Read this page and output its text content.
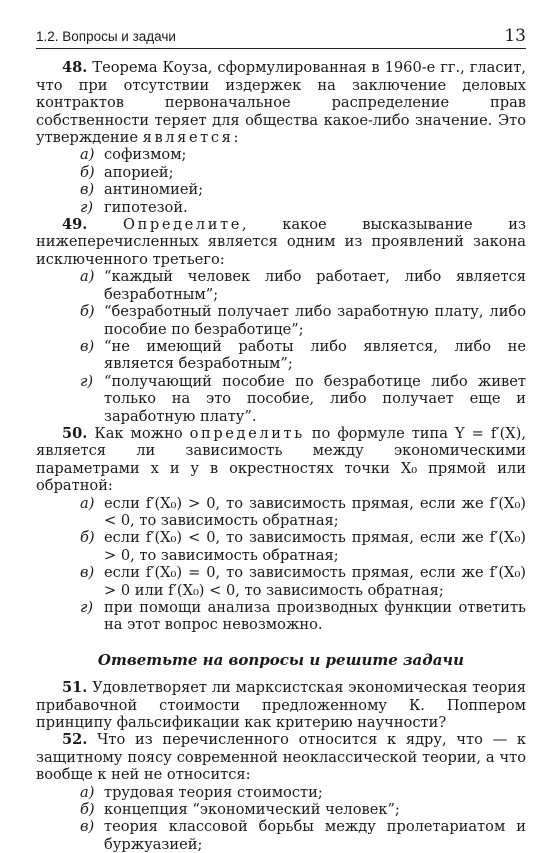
1.2. Вопросы и задачи	13

48. Теорема Коуза, сформулированная в 1960-е гг., гласит, что при отсутствии издержек на заключение деловых контрактов первоначальное распределение прав собственности теряет для общества какое-либо значение. Это утверждение является:

а) софизмом;
б) апорией;
в) антиномией;
г) гипотезой.

49. Определите, какое высказывание из нижеперечисленных является одним из проявлений закона исключенного третьего:

а) “каждый человек либо работает, либо является безработным”;
б) “безработный получает либо заработную плату, либо пособие по безработице”;
в) “не имеющий работы либо является, либо не является безработным”;
г) “получающий пособие по безработице либо живет только на это пособие, либо получает еще и заработную плату”.

50. Как можно определить по формуле типа Y = f′(X), является ли зависимость между экономическими параметрами x и y в окрестностях точки X₀ прямой или обратной:

а) если f′(X₀) > 0, то зависимость прямая, если же f′(X₀) < 0, то зависимость обратная;
б) если f′(X₀) < 0, то зависимость прямая, если же f′(X₀) > 0, то зависимость обратная;
в) если f′(X₀) = 0, то зависимость прямая, если же f′(X₀) > 0 или f′(X₀) < 0, то зависимость обратная;
г) при помощи анализа производных функции ответить на этот вопрос невозможно.
Ответьте на вопросы и решите задачи

51. Удовлетворяет ли марксистская экономическая теория прибавочной стоимости предложенному К. Поппером принципу фальсификации как критерию научности?

52. Что из перечисленного относится к ядру, что — к защитному поясу современной неоклассической теории, а что вообще к ней не относится:

а) трудовая теория стоимости;
б) концепция “экономический человек”;
в) теория классовой борьбы между пролетариатом и буржуазией;
